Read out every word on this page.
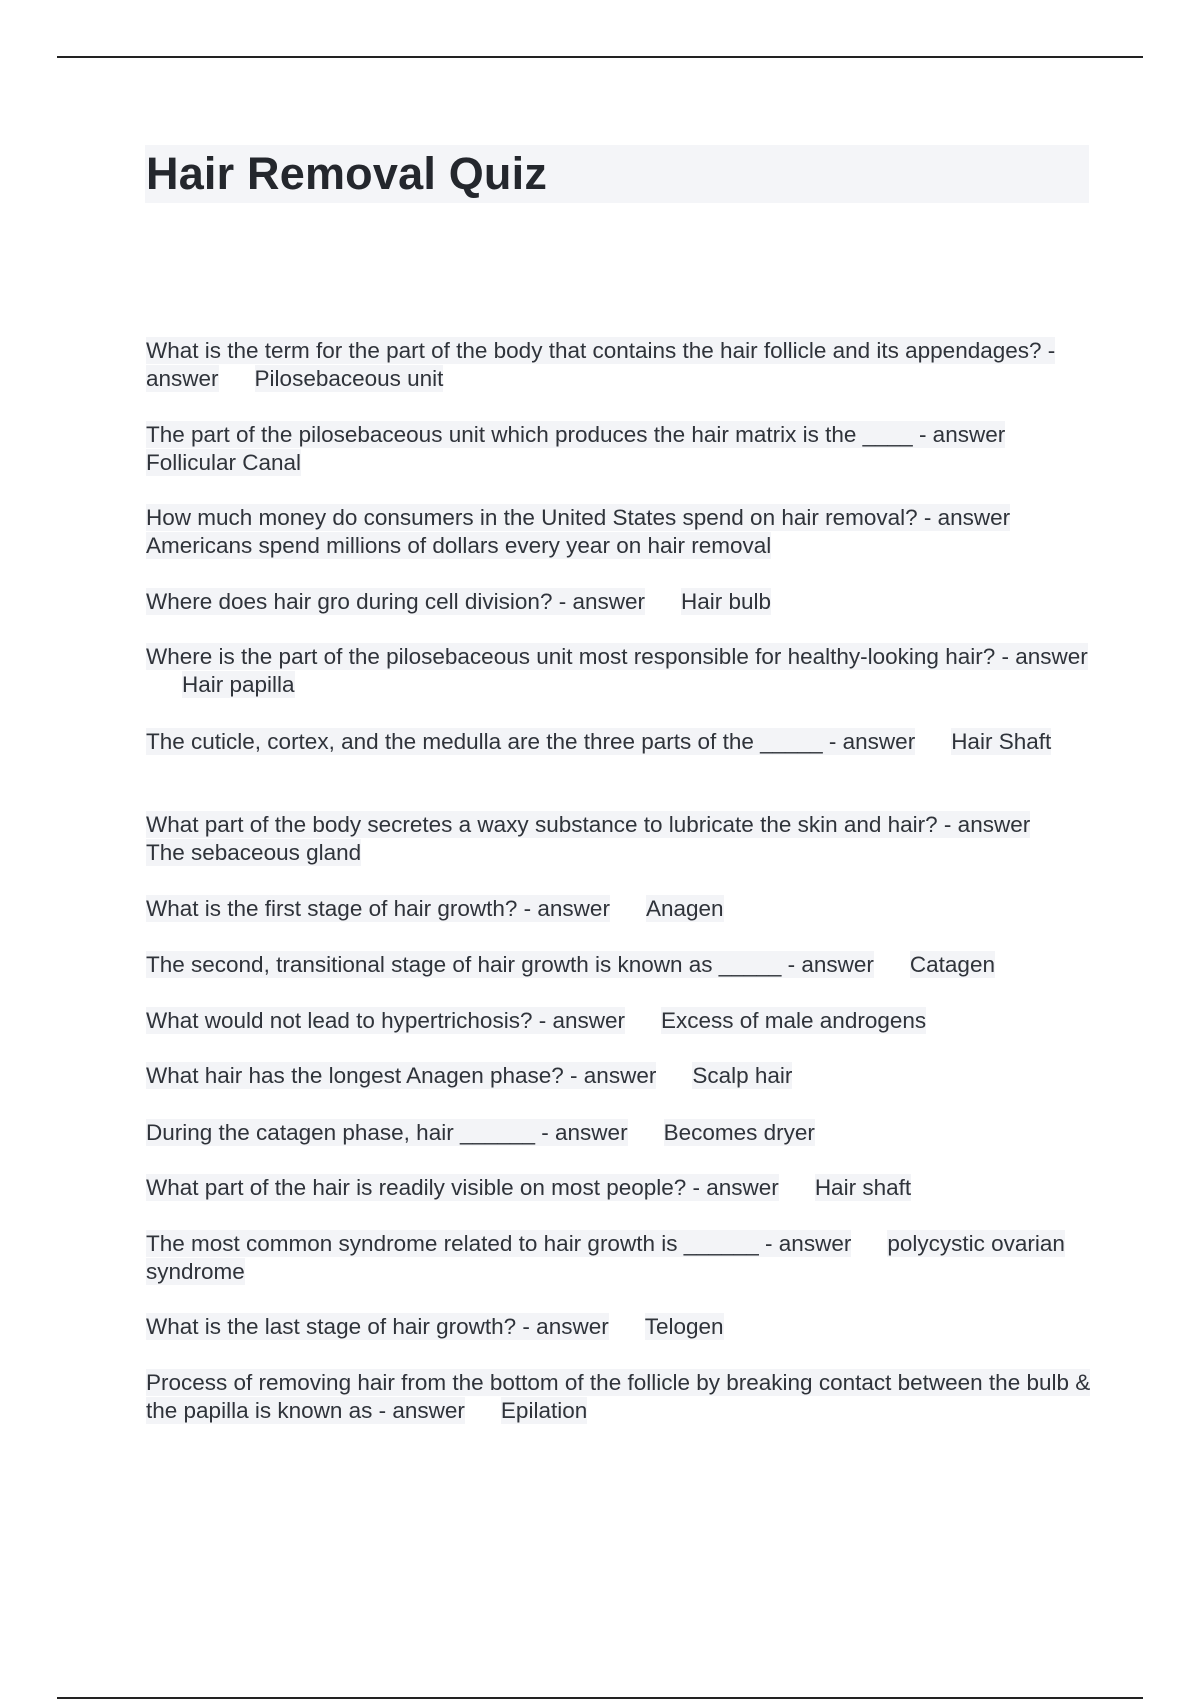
Hair Removal Quiz

What is the term for the part of the body that contains the hair follicle and its appendages? - answer Pilosebaceous unit

The part of the pilosebaceous unit which produces the hair matrix is the ____ - answerFollicular Canal

How much money do consumers in the United States spend on hair removal? - answerAmericans spend millions of dollars every year on hair removal

Where does hair gro during cell division? - answer Hair bulb

Where is the part of the pilosebaceous unit most responsible for healthy-looking hair? - answerHair papilla

The cuticle, cortex, and the medulla are the three parts of the _____ - answer Hair Shaft

What part of the body secretes a waxy substance to lubricate the skin and hair? - answerThe sebaceous gland

What is the first stage of hair growth? - answer Anagen

The second, transitional stage of hair growth is known as _____ - answer Catagen

What would not lead to hypertrichosis? - answer Excess of male androgens

What hair has the longest Anagen phase? - answer Scalp hair

During the catagen phase, hair ______ - answer Becomes dryer

What part of the hair is readily visible on most people? - answer Hair shaft

The most common syndrome related to hair growth is ______ - answer polycystic ovarian syndrome

What is the last stage of hair growth? - answer Telogen

Process of removing hair from the bottom of the follicle by breaking contact between the bulb & the papilla is known as - answer Epilation
